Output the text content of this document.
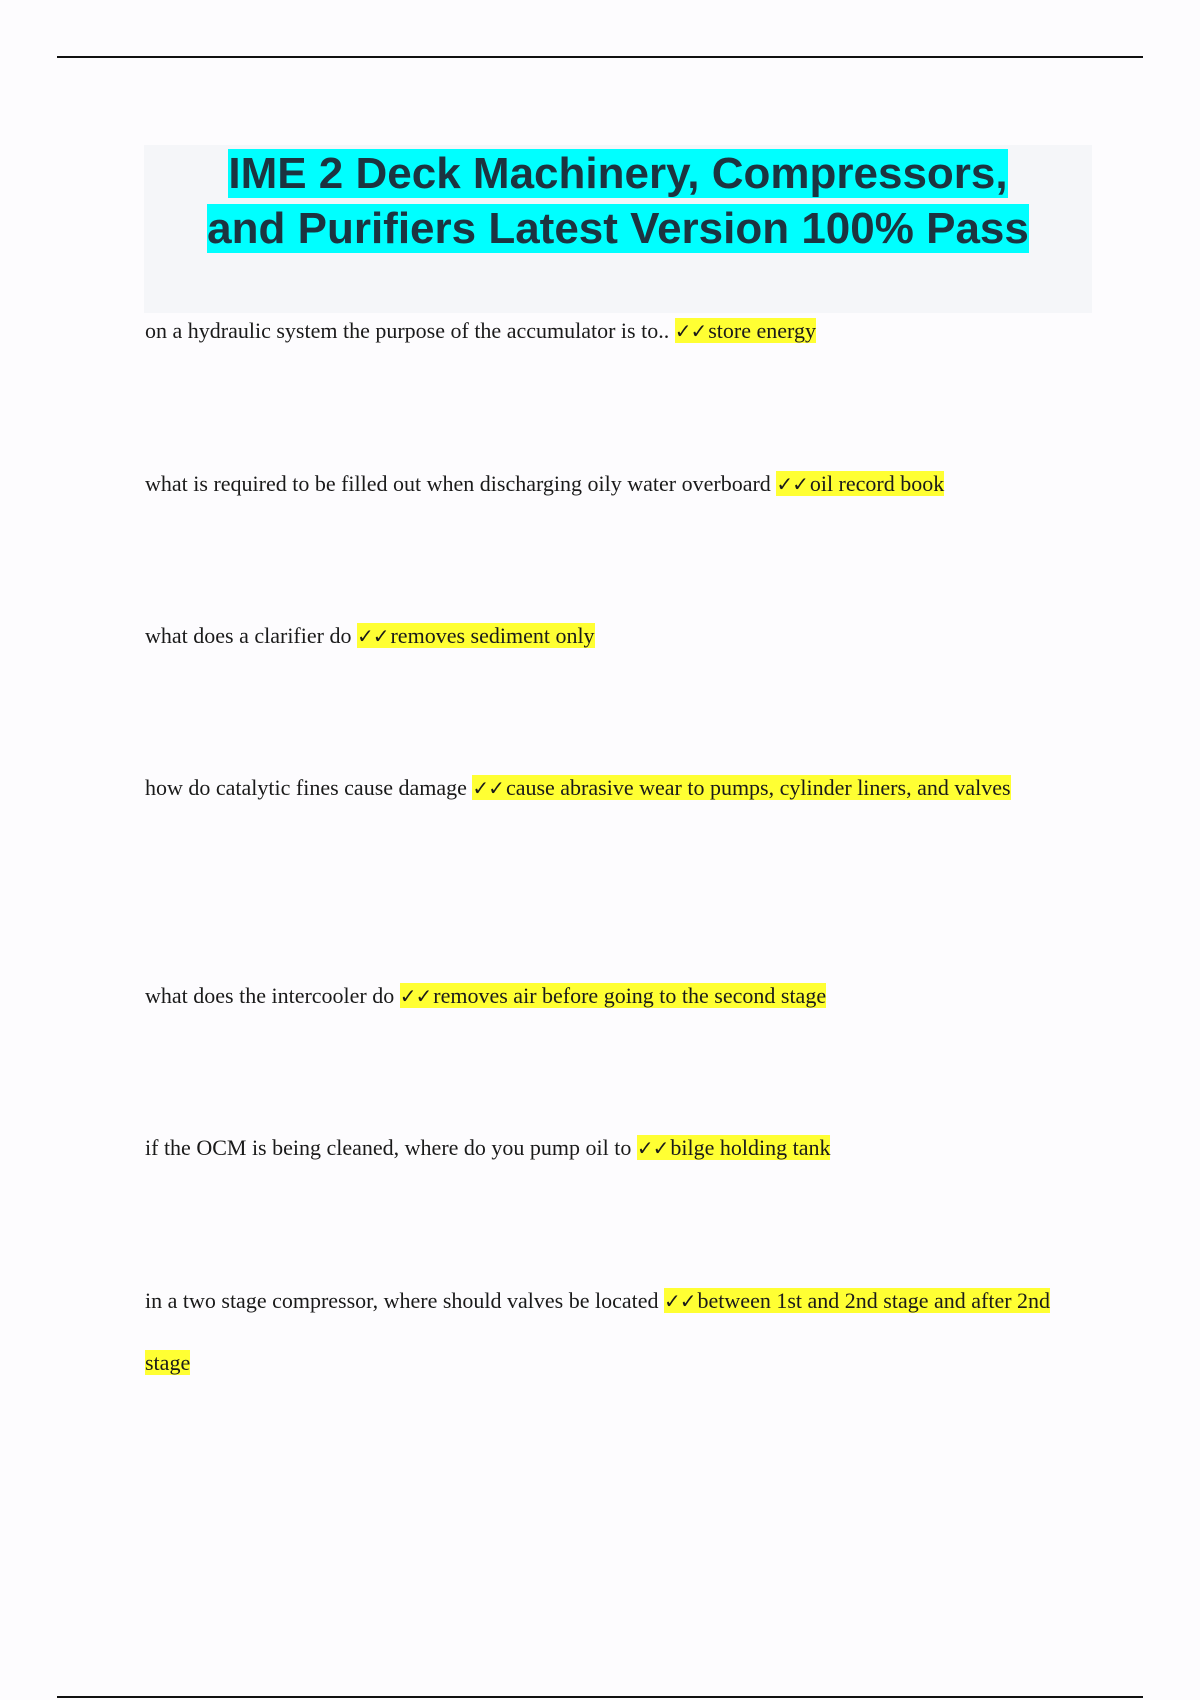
IME 2 Deck Machinery, Compressors,
and Purifiers Latest Version 100% Pass

on a hydraulic system the purpose of the accumulator is to.. ✓✓store energy

what is required to be filled out when discharging oily water overboard ✓✓oil record book

what does a clarifier do ✓✓removes sediment only

how do catalytic fines cause damage ✓✓cause abrasive wear to pumps, cylinder liners, and valves

what does the intercooler do ✓✓removes air before going to the second stage

if the OCM is being cleaned, where do you pump oil to ✓✓bilge holding tank

in a two stage compressor, where should valves be located ✓✓between 1st and 2nd stage and after 2nd stage
